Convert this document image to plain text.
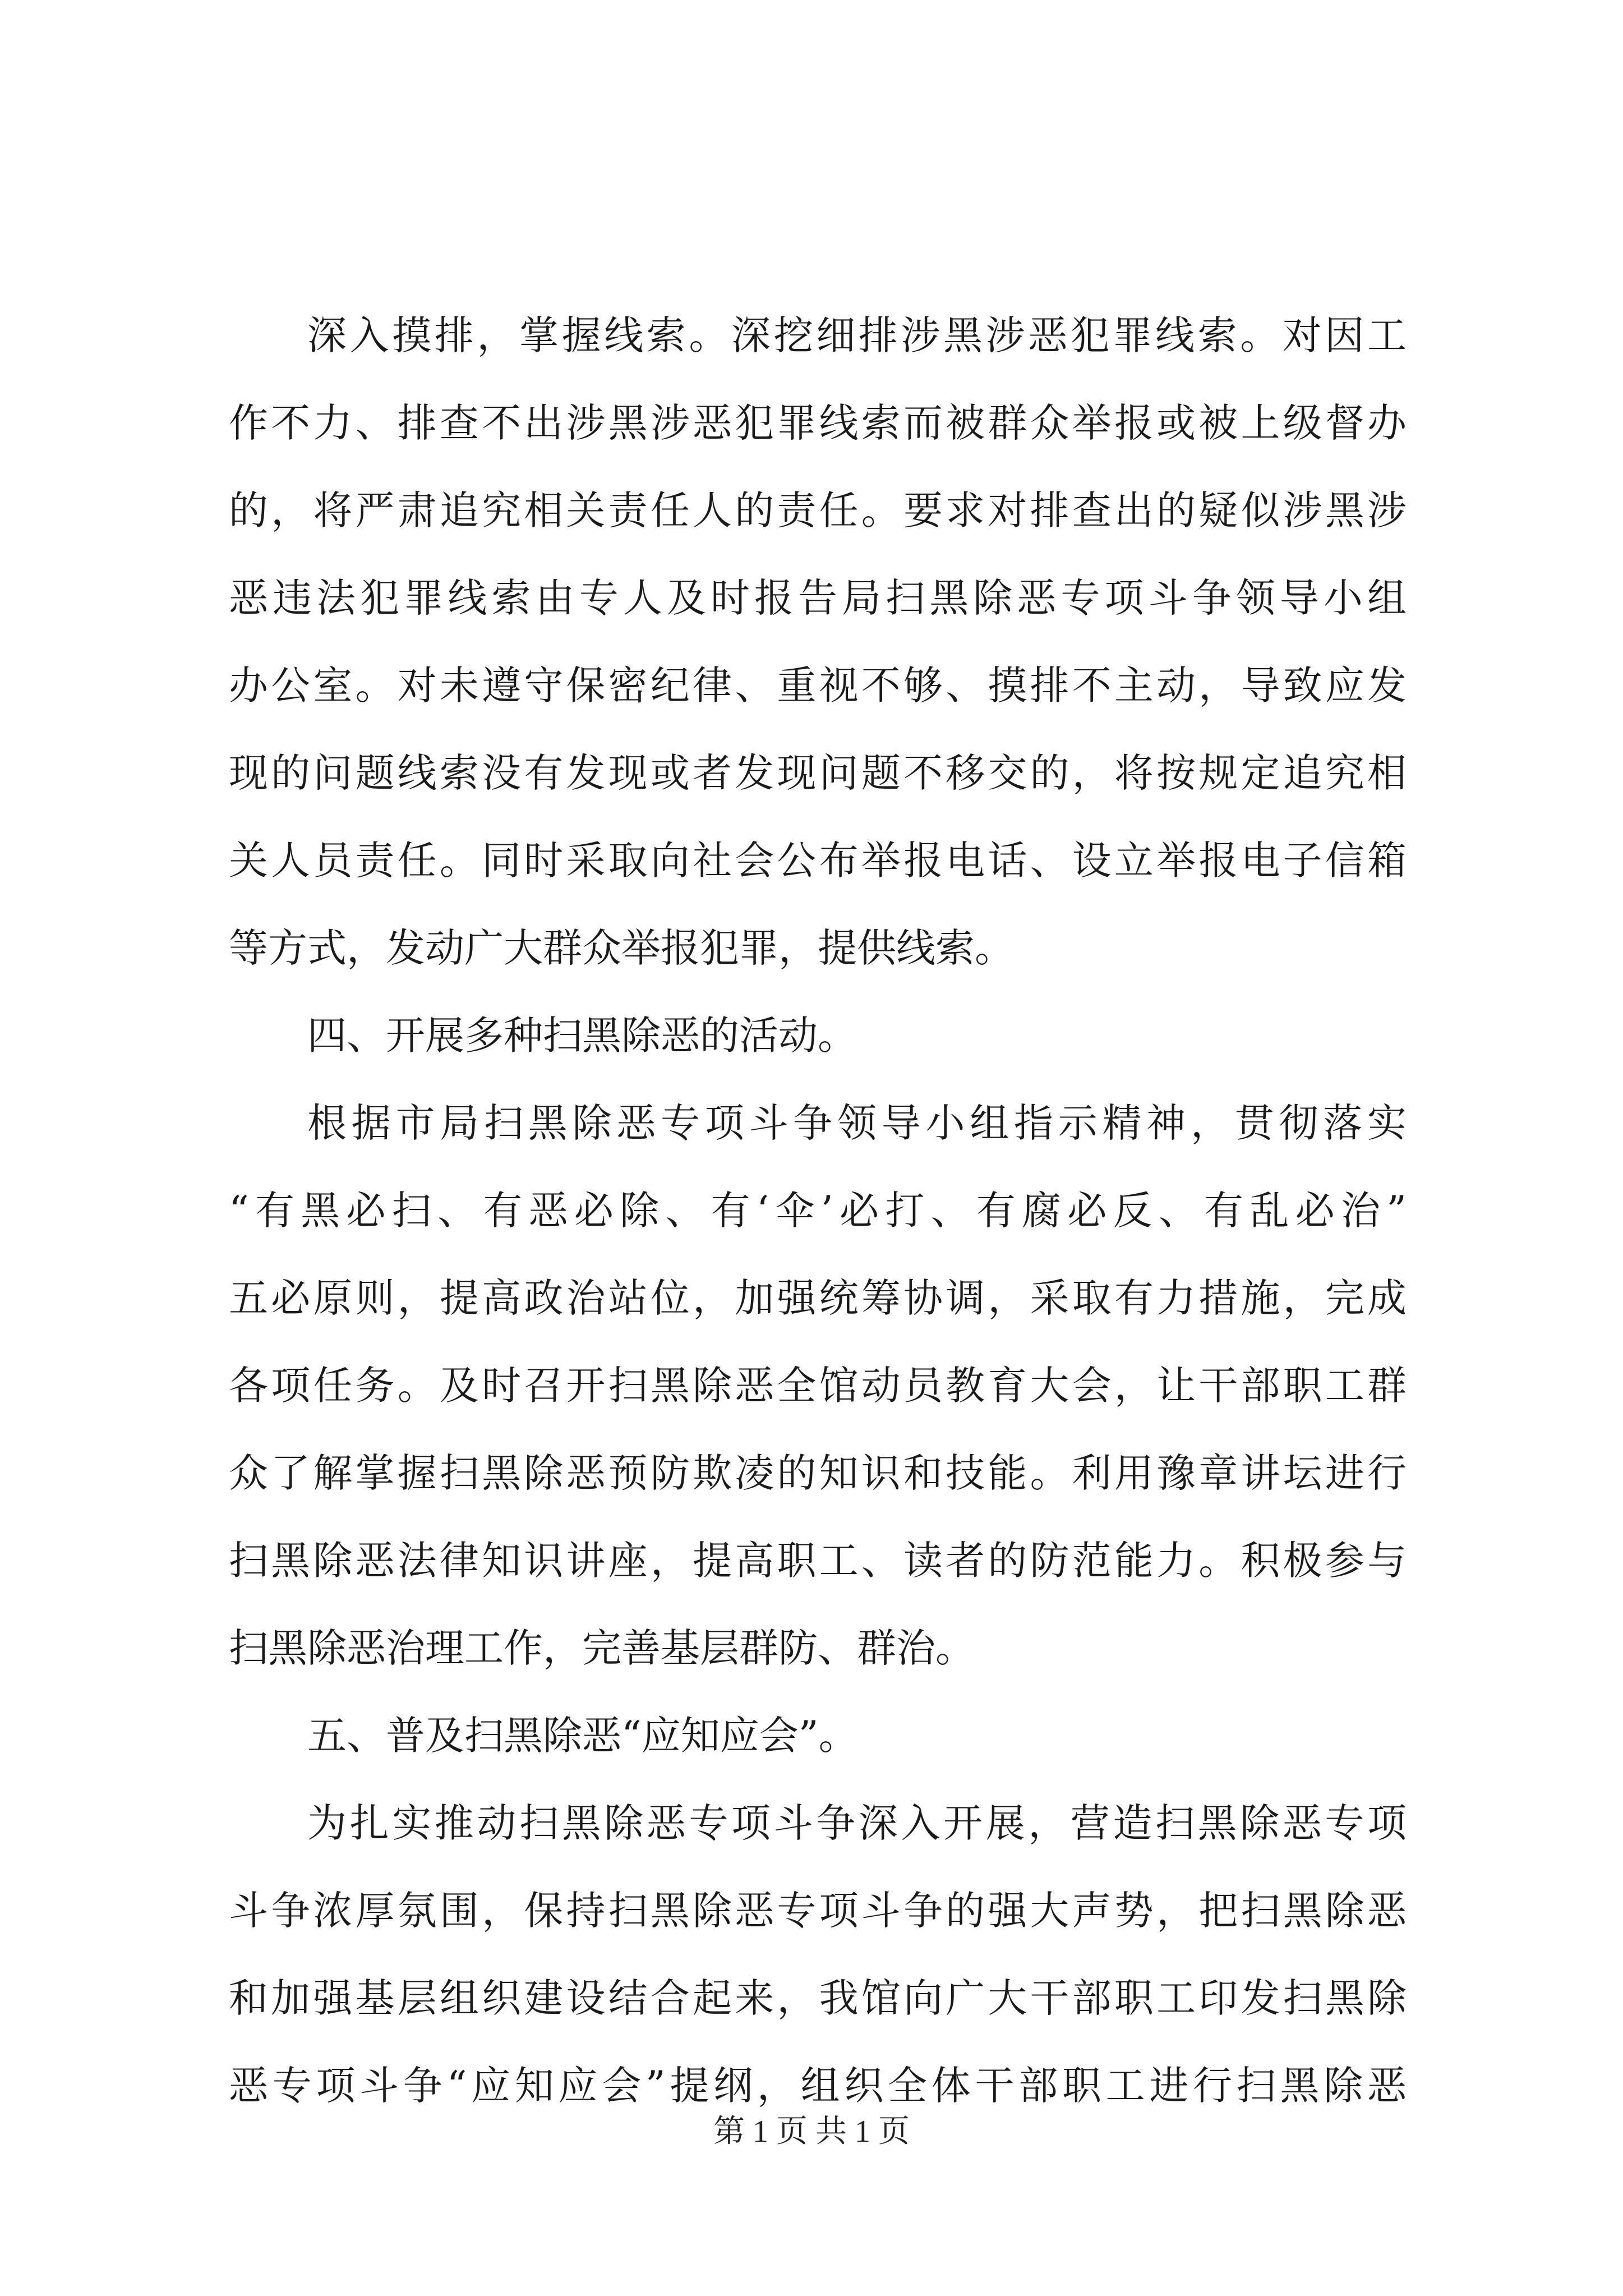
深入摸排，掌握线索。深挖细排涉黑涉恶犯罪线索。对因工
作不力、排查不出涉黑涉恶犯罪线索而被群众举报或被上级督办
的，将严肃追究相关责任人的责任。要求对排查出的疑似涉黑涉
恶违法犯罪线索由专人及时报告局扫黑除恶专项斗争领导小组
办公室。对未遵守保密纪律、重视不够、摸排不主动，导致应发
现的问题线索没有发现或者发现问题不移交的，将按规定追究相
关人员责任。同时采取向社会公布举报电话、设立举报电子信箱
等方式，发动广大群众举报犯罪，提供线索。
四、开展多种扫黑除恶的活动。
根据市局扫黑除恶专项斗争领导小组指示精神，贯彻落实
“有黑必扫、有恶必除、有‘伞’必打、有腐必反、有乱必治”
五必原则，提高政治站位，加强统筹协调，采取有力措施，完成
各项任务。及时召开扫黑除恶全馆动员教育大会，让干部职工群
众了解掌握扫黑除恶预防欺凌的知识和技能。利用豫章讲坛进行
扫黑除恶法律知识讲座，提高职工、读者的防范能力。积极参与
扫黑除恶治理工作，完善基层群防、群治。
五、普及扫黑除恶“应知应会”。
为扎实推动扫黑除恶专项斗争深入开展，营造扫黑除恶专项
斗争浓厚氛围，保持扫黑除恶专项斗争的强大声势，把扫黑除恶
和加强基层组织建设结合起来，我馆向广大干部职工印发扫黑除
恶专项斗争“应知应会”提纲，组织全体干部职工进行扫黑除恶
第 1 页 共 1 页
